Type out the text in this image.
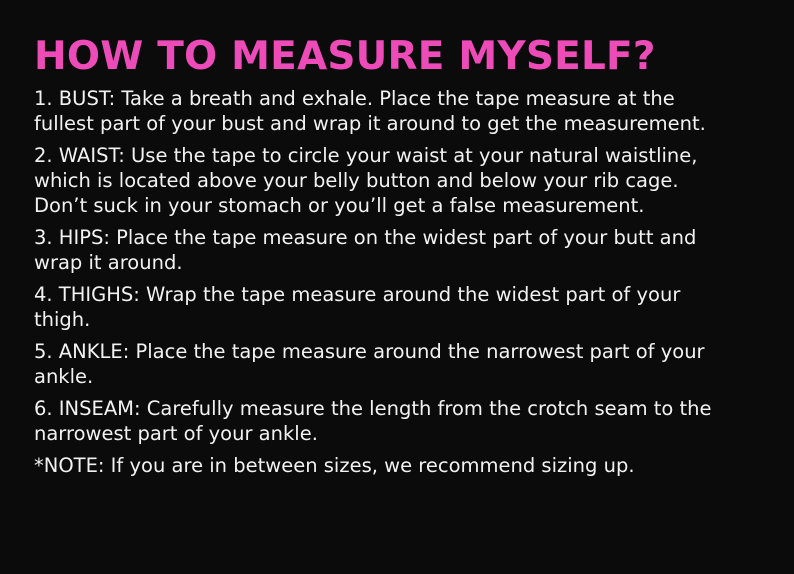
HOW TO MEASURE MYSELF?
1. BUST: Take a breath and exhale. Place the tape measure at the
fullest part of your bust and wrap it around to get the measurement.
2. WAIST: Use the tape to circle your waist at your natural waistline,
which is located above your belly button and below your rib cage.
Don’t suck in your stomach or you’ll get a false measurement.
3. HIPS: Place the tape measure on the widest part of your butt and
wrap it around.
4. THIGHS: Wrap the tape measure around the widest part of your
thigh.
5. ANKLE: Place the tape measure around the narrowest part of your
ankle.
6. INSEAM: Carefully measure the length from the crotch seam to the
narrowest part of your ankle.

*NOTE: If you are in between sizes, we recommend sizing up.
